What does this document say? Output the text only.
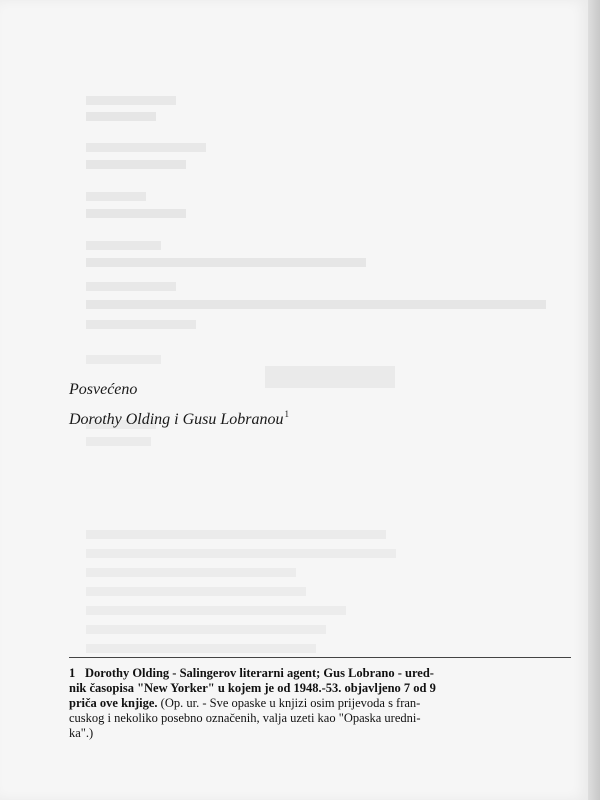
Posvećeno
Dorothy Olding i Gusu Lobranou$^1$
1 Dorothy Olding - Salingerov literarni agent; Gus Lobrano - ured-
nik časopisa "New Yorker" u kojem je od 1948.-53. objavljeno 7 od 9
priča ove knjige. (Op. ur. - Sve opaske u knjizi osim prijevoda s fran-
cuskog i nekoliko posebno označenih, valja uzeti kao "Opaska uredni-
ka".)
